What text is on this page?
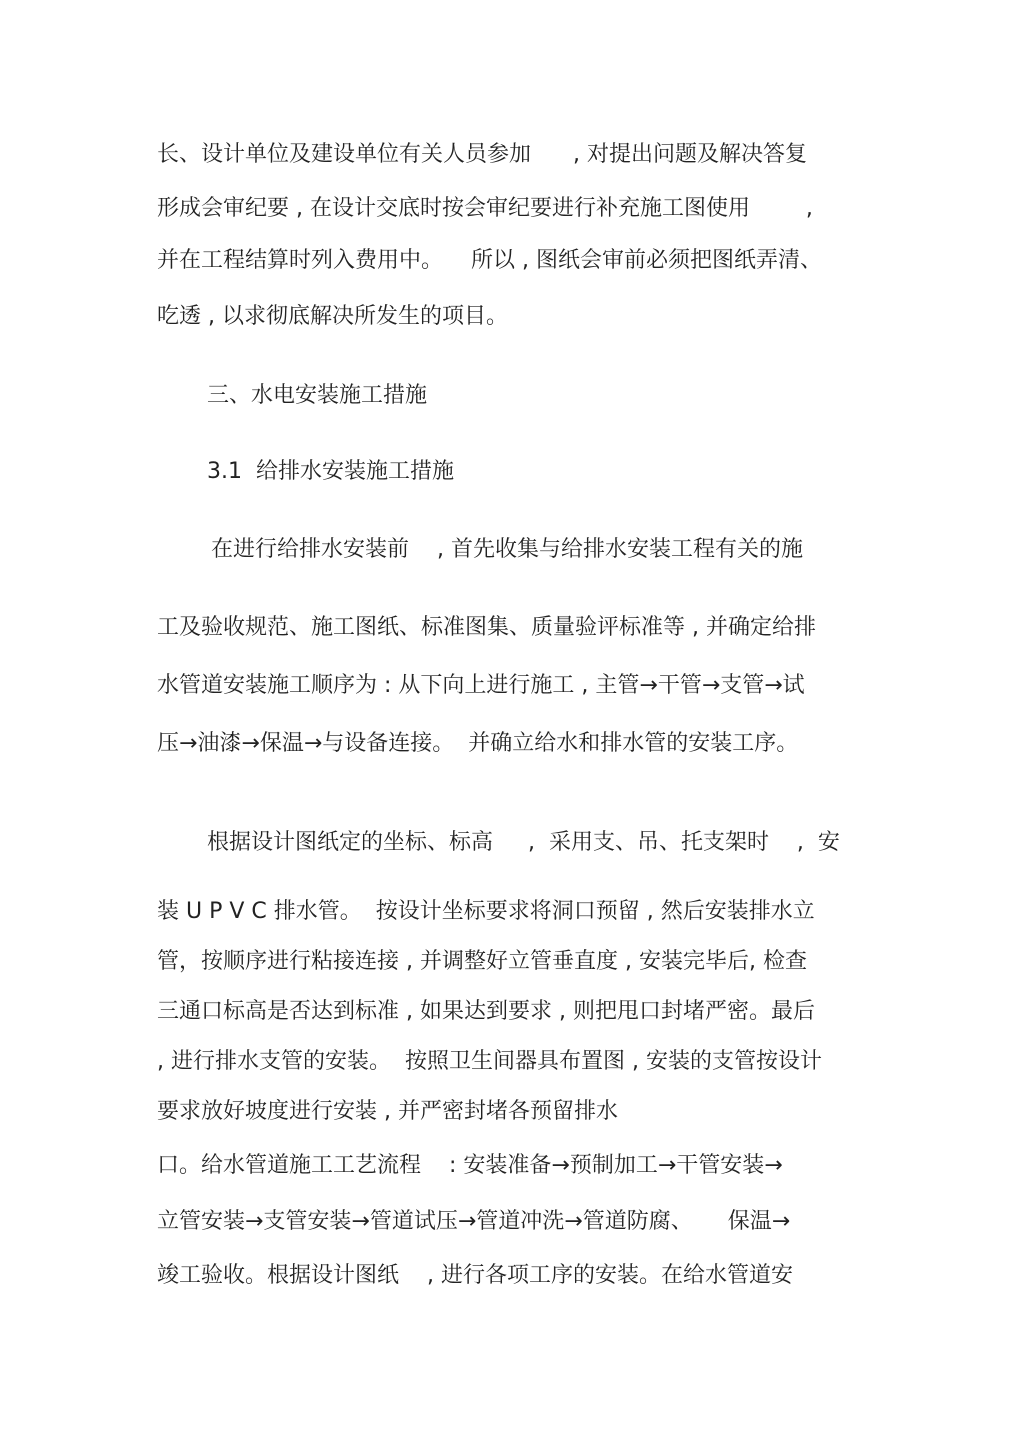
长、设计单位及建设单位有关人员参加      , 对提出问题及解决答复
形成会审纪要 , 在设计交底时按会审纪要进行补充施工图使用        ,
并在工程结算时列入费用中。    所以 , 图纸会审前必须把图纸弄清、
吃透 , 以求彻底解决所发生的项目。
三、水电安装施工措施
3.1  给排水安装施工措施
在进行给排水安装前    , 首先收集与给排水安装工程有关的施
工及验收规范、施工图纸、标准图集、质量验评标准等 , 并确定给排
水管道安装施工顺序为 : 从下向上进行施工 , 主管→干管→支管→试
压→油漆→保温→与设备连接。  并确立给水和排水管的安装工序。
根据设计图纸定的坐标、标高     ,  采用支、吊、托支架时    ,  安
装 U P V C 排水管。  按设计坐标要求将洞口预留 , 然后安装排水立
管，按顺序进行粘接连接 , 并调整好立管垂直度 , 安装完毕后, 检查
三通口标高是否达到标准 , 如果达到要求 , 则把甩口封堵严密。最后
, 进行排水支管的安装。  按照卫生间器具布置图 , 安装的支管按设计
要求放好坡度进行安装 , 并严密封堵各预留排水
口。给水管道施工工艺流程    : 安装准备→预制加工→干管安装→
立管安装→支管安装→管道试压→管道冲洗→管道防腐、     保温→
竣工验收。根据设计图纸    , 进行各项工序的安装。在给水管道安
